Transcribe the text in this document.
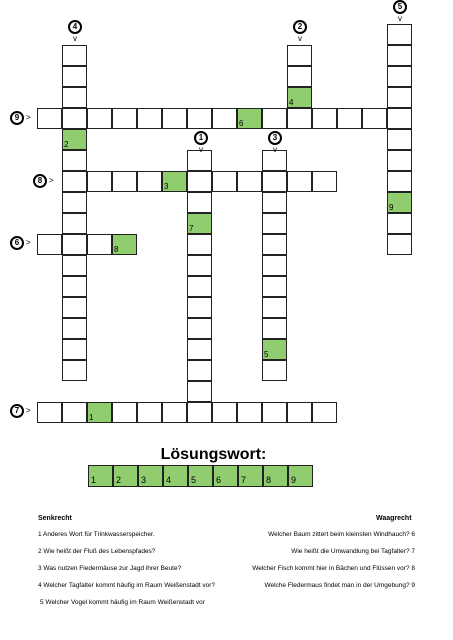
2
4
9
7
5
6
3
8
1
4
v
2
v
5
v
1
v
3
v
9 >
8 >
6 >
7 >
Lösungswort:
1 2 3 4 5 6 7 8 9
Senkrecht	Waagrecht
1 Anderes Wort für Trinkwasserspeicher.
2 Wie heißt der Fluß des Lebenspfades?
3 Was nutzen Fledermäuse zur Jagd ihrer Beute?
4 Welcher Tagfalter kommt häufig im Raum Weißenstadt vor?
5 Welcher Vogel kommt häufig im Raum Weißenstadt vor
Welcher Baum zittert beim kleinsten Windhauch? 6
Wie heißt die Umwandlung bei Tagfalter? 7
Welcher Fisch kommt hier in Bächen und Flüssen vor? 8
Welche Fledermaus findet man in der Umgebung? 9
